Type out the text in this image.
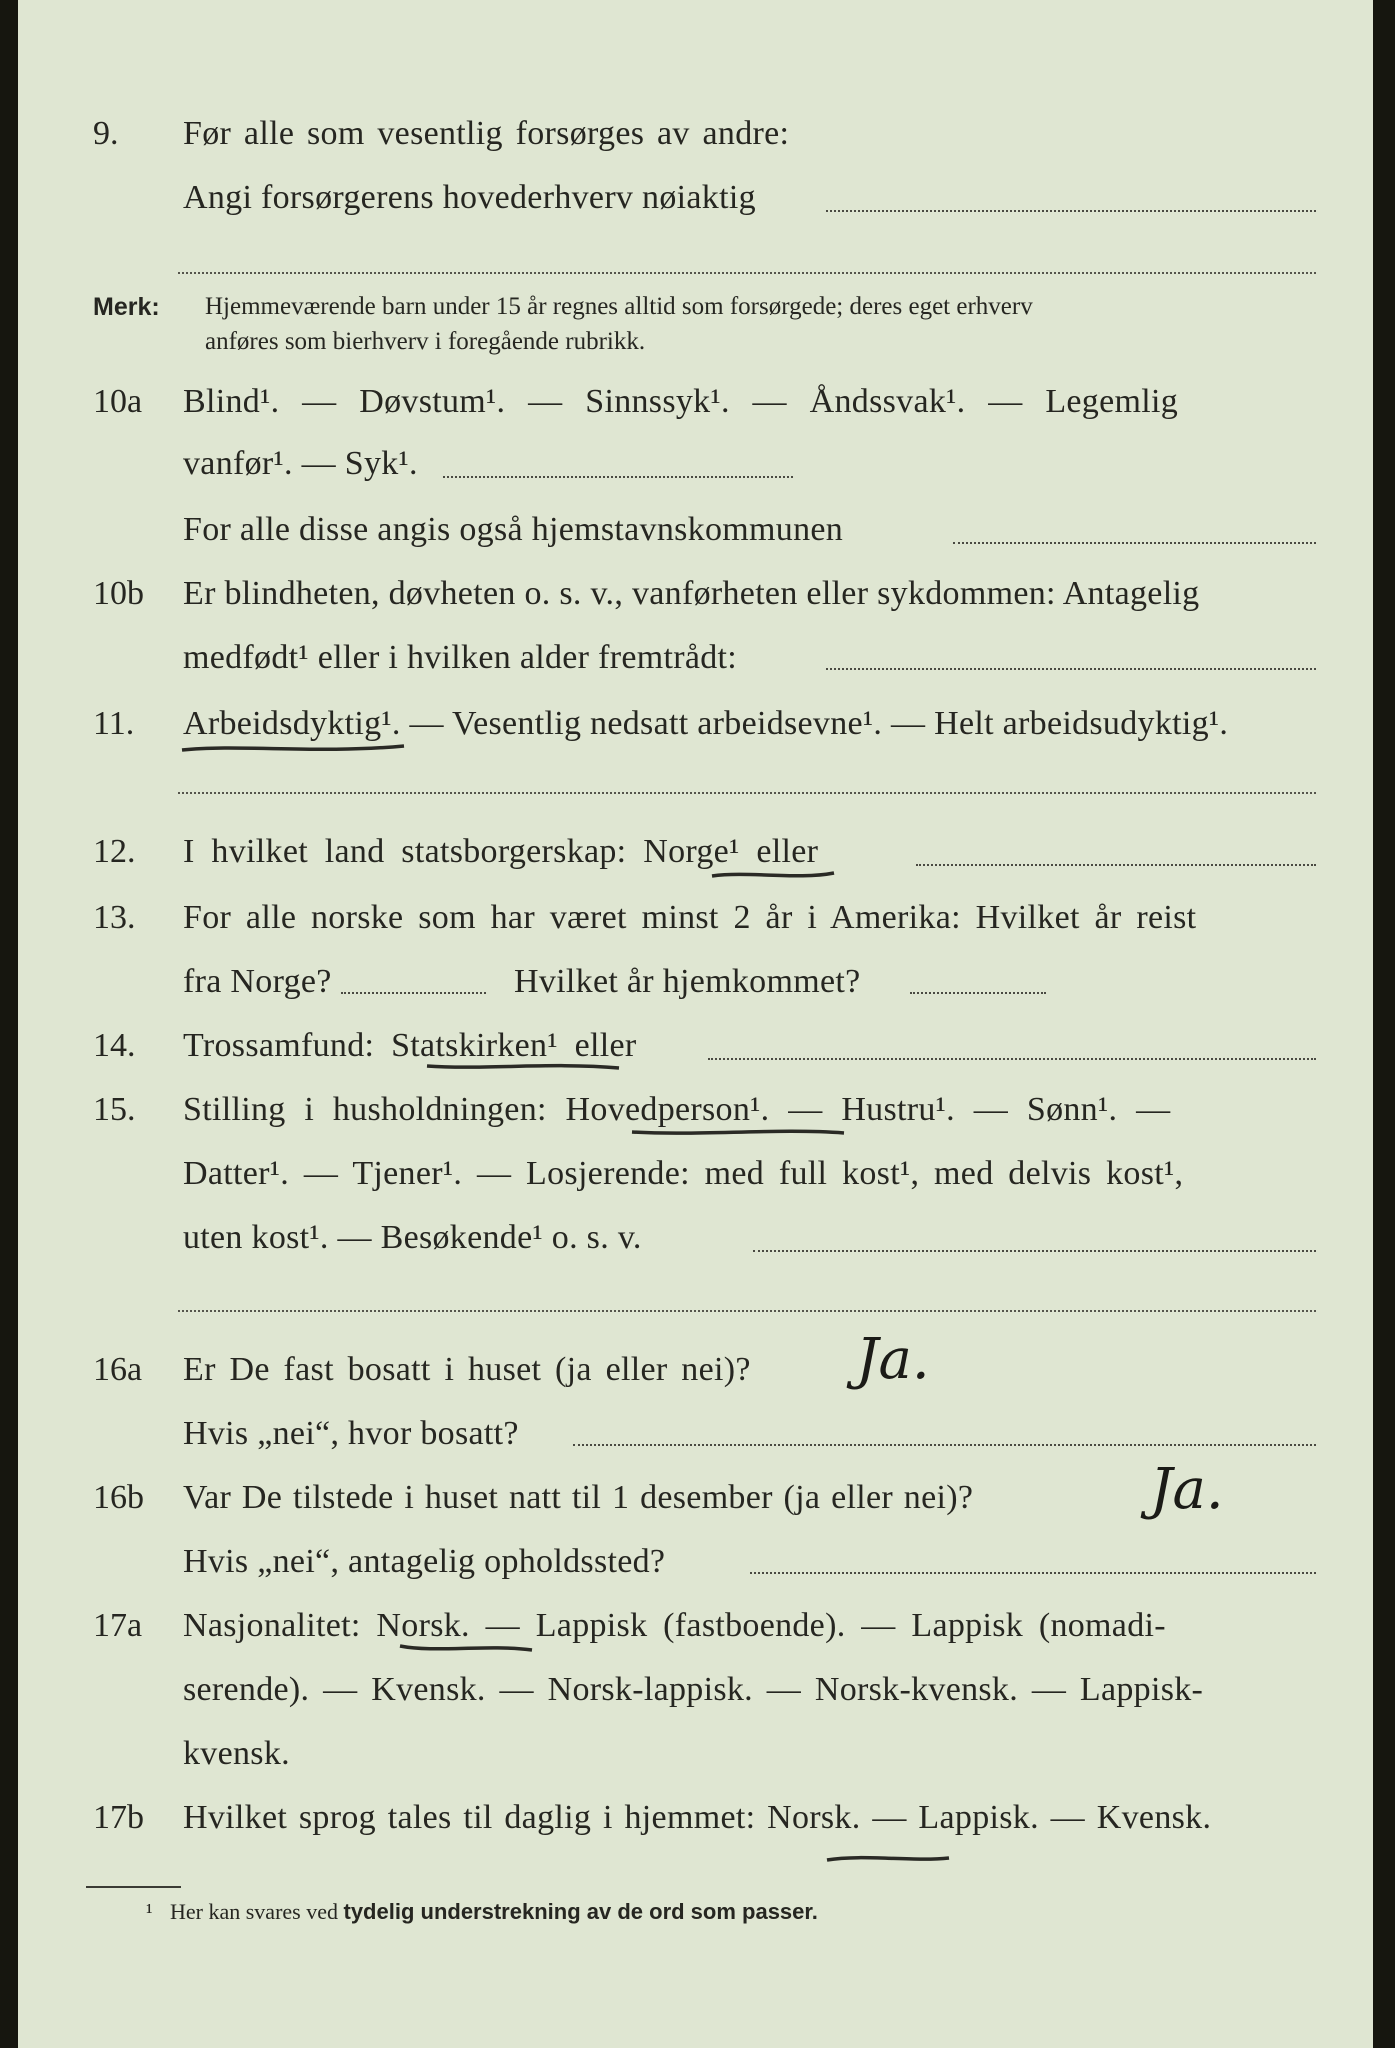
9. Før alle som vesentlig forsørges av andre:
Angi forsørgerens hovederhverv nøiaktig
Merk: Hjemmeværende barn under 15 år regnes alltid som forsørgede; deres eget erhverv
anføres som bierhverv i foregående rubrikk.
10a Blind¹. — Døvstum¹. — Sinnssyk¹. — Åndssvak¹. — Legemlig
vanfør¹. — Syk¹.
For alle disse angis også hjemstavnskommunen
10b Er blindheten, døvheten o. s. v., vanførheten eller sykdommen: Antagelig
medfødt¹ eller i hvilken alder fremtrådt:
11. Arbeidsdyktig¹. — Vesentlig nedsatt arbeidsevne¹. — Helt arbeidsudyktig¹.
12. I hvilket land statsborgerskap: Norge¹ eller
13. For alle norske som har været minst 2 år i Amerika: Hvilket år reist
fra Norge?	Hvilket år hjemkommet?
14. Trossamfund: Statskirken¹ eller
15. Stilling i husholdningen: Hovedperson¹. — Hustru¹. — Sønn¹. —
Datter¹. — Tjener¹. — Losjerende: med full kost¹, med delvis kost¹,
uten kost¹. — Besøkende¹ o. s. v.
16a Er De fast bosatt i huset (ja eller nei)? Ja.
Hvis „nei“, hvor bosatt?
16b Var De tilstede i huset natt til 1 desember (ja eller nei)?	Ja.
Hvis „nei“, antagelig opholdssted?
17a Nasjonalitet: Norsk. — Lappisk (fastboende). — Lappisk (nomadi-
serende). — Kvensk. — Norsk-lappisk. — Norsk-kvensk. — Lappisk-
kvensk.
17b Hvilket sprog tales til daglig i hjemmet: Norsk. — Lappisk. — Kvensk.
¹ Her kan svares ved tydelig understrekning av de ord som passer.
